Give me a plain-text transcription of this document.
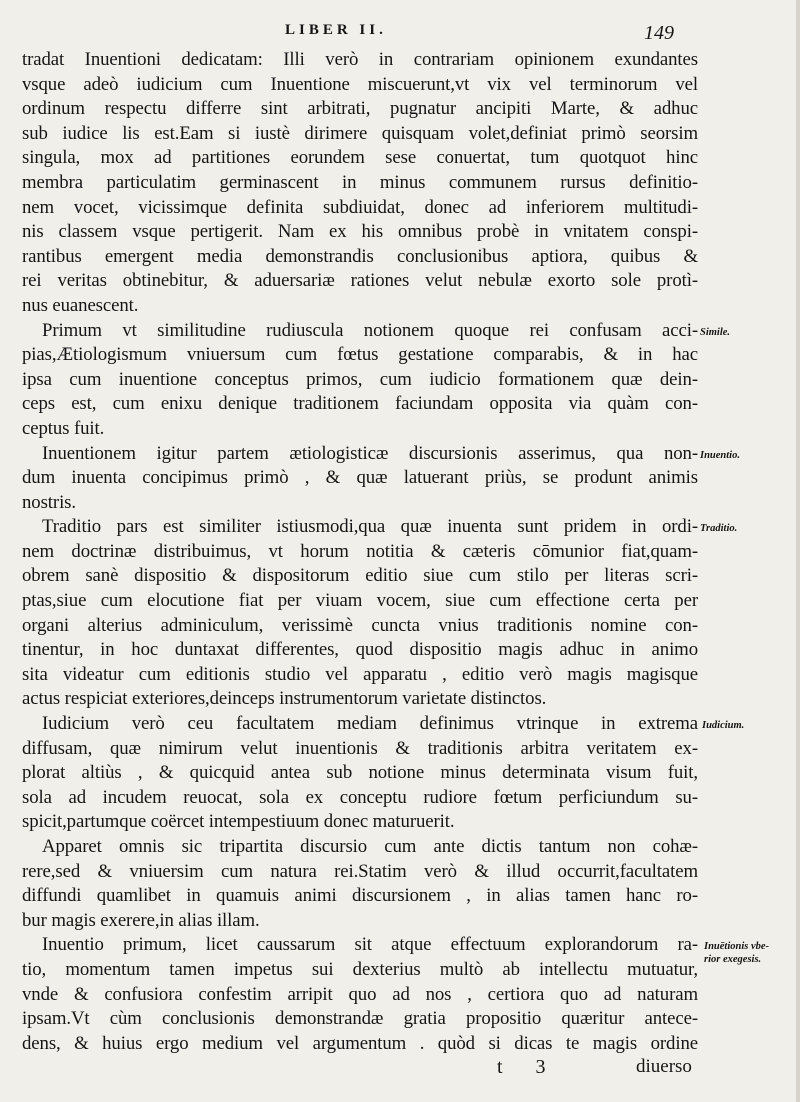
LIBER II.	149
tradat Inuentioni dedicatam: Illi verò in contrariam opinionem exundantes
vsque adeò iudicium cum Inuentione miscuerunt,vt vix vel terminorum vel
ordinum respectu differre sint arbitrati, pugnatur ancipiti Marte, & adhuc
sub iudice lis est.Eam si iustè dirimere quisquam volet,definiat primò seorsim
singula, mox ad partitiones eorundem sese conuertat, tum quotquot hinc
membra particulatim germinascent in minus communem rursus definitio-
nem vocet, vicissimque definita subdiuidat, donec ad inferiorem multitudi-
nis classem vsque pertigerit. Nam ex his omnibus probè in vnitatem conspi-
rantibus emergent media demonstrandis conclusionibus aptiora, quibus &
rei veritas obtinebitur, & aduersariæ rationes velut nebulæ exorto sole protì-
nus euanescent.
Primum vt similitudine rudiuscula notionem quoque rei confusam acci-
pias,Ætiologismum vniuersum cum fœtus gestatione comparabis, & in hac
ipsa cum inuentione conceptus primos, cum iudicio formationem quæ dein-
ceps est, cum enixu denique traditionem faciundam opposita via quàm con-
ceptus fuit.
Inuentionem igitur partem ætiologisticæ discursionis asserimus, qua non-
dum inuenta concipimus primò , & quæ latuerant priùs, se produnt animis
nostris.
Traditio pars est similiter istiusmodi,qua quæ inuenta sunt pridem in ordi-
nem doctrinæ distribuimus, vt horum notitia & cæteris cōmunior fiat,quam-
obrem sanè dispositio & dispositorum editio siue cum stilo per literas scri-
ptas,siue cum elocutione fiat per viuam vocem, siue cum effectione certa per
organi alterius adminiculum, verissimè cuncta vnius traditionis nomine con-
tinentur, in hoc duntaxat differentes, quod dispositio magis adhuc in animo
sita videatur cum editionis studio vel apparatu , editio verò magis magisque
actus respiciat exteriores,deinceps instrumentorum varietate distinctos.
Iudicium verò ceu facultatem mediam definimus vtrinque in extrema
diffusam, quæ nimirum velut inuentionis & traditionis arbitra veritatem ex-
plorat altiùs , & quicquid antea sub notione minus determinata visum fuit,
sola ad incudem reuocat, sola ex conceptu rudiore fœtum perficiundum su-
spicit,partumque coërcet intempestiuum donec maturuerit.
Apparet omnis sic tripartita discursio cum ante dictis tantum non cohæ-
rere,sed & vniuersim cum natura rei.Statim verò & illud occurrit,facultatem
diffundi quamlibet in quamuis animi discursionem , in alias tamen hanc ro-
bur magis exerere,in alias illam.
Inuentio primum, licet caussarum sit atque effectuum explorandorum ra-
tio, momentum tamen impetus sui dexterius multò ab intellectu mutuatur,
vnde & confusiora confestim arripit quo ad nos , certiora quo ad naturam
ipsam.Vt cùm conclusionis demonstrandæ gratia propositio quæritur antece-
dens, & huius ergo medium vel argumentum . quòd si dicas te magis ordine
Simile.
Inuentio.
Traditio.
Iudicium.
Inuētionis vbe-
rior exegesis.
t 3	diuerso
